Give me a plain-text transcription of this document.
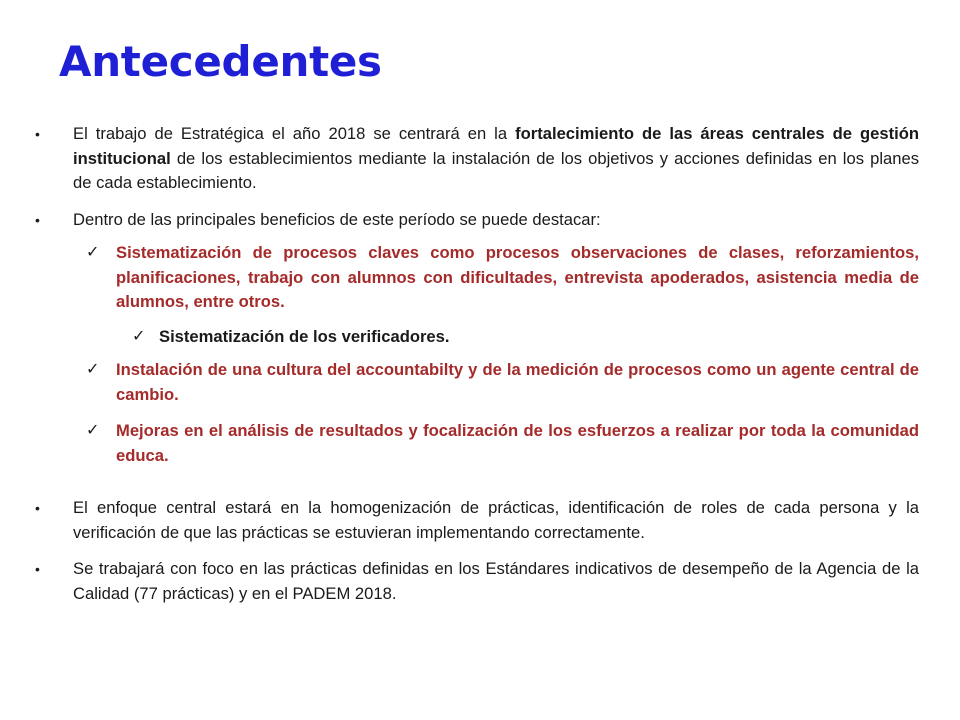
Antecedentes
• El trabajo de Estratégica el año 2018 se centrará en la fortalecimiento de las áreas centrales de gestión institucional de los establecimientos mediante la instalación de los objetivos y acciones definidas en los planes de cada establecimiento.
• Dentro de las principales beneficios de este período se puede destacar:
✓ Sistematización de procesos claves como procesos observaciones de clases, reforzamientos, planificaciones, trabajo con alumnos con dificultades, entrevista apoderados, asistencia media de alumnos, entre otros.
✓ Sistematización de los verificadores.
✓ Instalación de una cultura del accountabilty y de la medición de procesos como un agente central de cambio.
✓ Mejoras en el análisis de resultados y focalización de los esfuerzos a realizar por toda la comunidad educa.
• El enfoque central estará en la homogenización de prácticas, identificación de roles de cada persona y la verificación de que las prácticas se estuvieran implementando correctamente.
• Se trabajará con foco en las prácticas definidas en los Estándares indicativos de desempeño de la Agencia de la Calidad (77 prácticas) y en el PADEM 2018.
